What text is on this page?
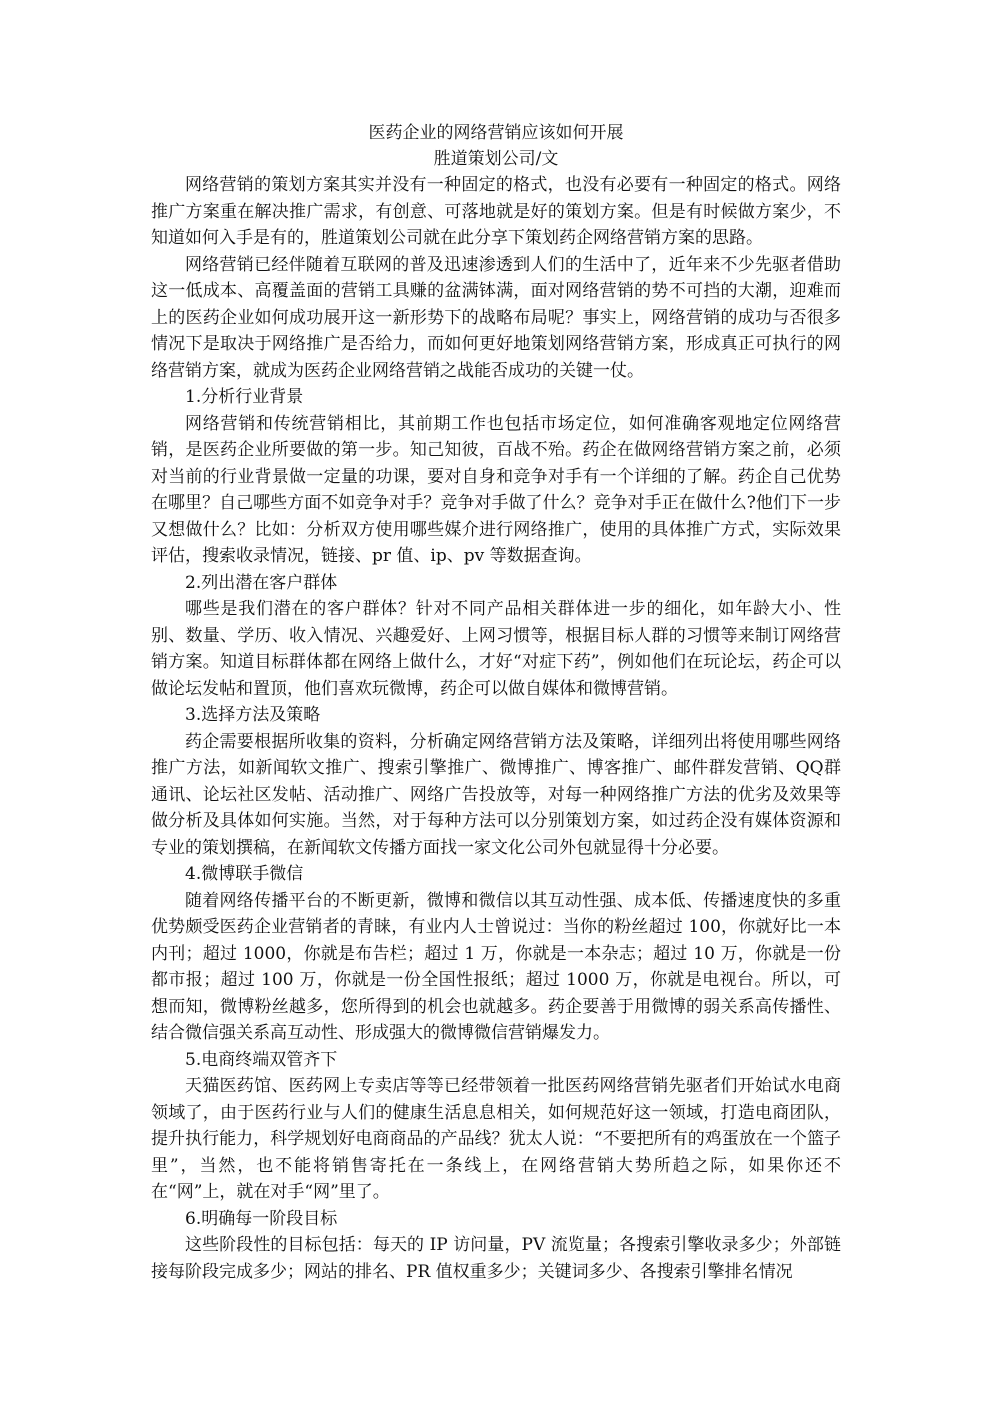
医药企业的网络营销应该如何开展

胜道策划公司/文

网络营销的策划方案其实并没有一种固定的格式，也没有必要有一种固定的格式。网络推广方案重在解决推广需求，有创意、可落地就是好的策划方案。但是有时候做方案少，不知道如何入手是有的，胜道策划公司就在此分享下策划药企网络营销方案的思路。

网络营销已经伴随着互联网的普及迅速渗透到人们的生活中了，近年来不少先驱者借助这一低成本、高覆盖面的营销工具赚的盆满钵满，面对网络营销的势不可挡的大潮，迎难而上的医药企业如何成功展开这一新形势下的战略布局呢？事实上，网络营销的成功与否很多情况下是取决于网络推广是否给力，而如何更好地策划网络营销方案，形成真正可执行的网络营销方案，就成为医药企业网络营销之战能否成功的关键一仗。

1.分析行业背景

网络营销和传统营销相比，其前期工作也包括市场定位，如何准确客观地定位网络营销，是医药企业所要做的第一步。知己知彼，百战不殆。药企在做网络营销方案之前，必须对当前的行业背景做一定量的功课，要对自身和竞争对手有一个详细的了解。药企自己优势在哪里？自己哪些方面不如竞争对手？竞争对手做了什么？竞争对手正在做什么?他们下一步又想做什么？比如：分析双方使用哪些媒介进行网络推广，使用的具体推广方式，实际效果评估，搜索收录情况，链接、pr 值、ip、pv 等数据查询。

2.列出潜在客户群体

哪些是我们潜在的客户群体？针对不同产品相关群体进一步的细化，如年龄大小、性别、数量、学历、收入情况、兴趣爱好、上网习惯等，根据目标人群的习惯等来制订网络营销方案。知道目标群体都在网络上做什么，才好“对症下药”，例如他们在玩论坛，药企可以做论坛发帖和置顶，他们喜欢玩微博，药企可以做自媒体和微博营销。

3.选择方法及策略

药企需要根据所收集的资料，分析确定网络营销方法及策略，详细列出将使用哪些网络推广方法，如新闻软文推广、搜索引擎推广、微博推广、博客推广、邮件群发营销、QQ群通讯、论坛社区发帖、活动推广、网络广告投放等，对每一种网络推广方法的优劣及效果等做分析及具体如何实施。当然，对于每种方法可以分别策划方案，如过药企没有媒体资源和专业的策划撰稿，在新闻软文传播方面找一家文化公司外包就显得十分必要。

4.微博联手微信

随着网络传播平台的不断更新，微博和微信以其互动性强、成本低、传播速度快的多重优势颇受医药企业营销者的青睐，有业内人士曾说过：当你的粉丝超过 100，你就好比一本内刊；超过 1000，你就是布告栏；超过 1 万，你就是一本杂志；超过 10 万，你就是一份都市报；超过 100 万，你就是一份全国性报纸；超过 1000 万，你就是电视台。所以，可想而知，微博粉丝越多，您所得到的机会也就越多。药企要善于用微博的弱关系高传播性、结合微信强关系高互动性、形成强大的微博微信营销爆发力。

5.电商终端双管齐下

天猫医药馆、医药网上专卖店等等已经带领着一批医药网络营销先驱者们开始试水电商领域了，由于医药行业与人们的健康生活息息相关，如何规范好这一领域，打造电商团队，提升执行能力，科学规划好电商商品的产品线？犹太人说：“不要把所有的鸡蛋放在一个篮子里”，当然，也不能将销售寄托在一条线上，在网络营销大势所趋之际，如果你还不在“网”上，就在对手“网”里了。

6.明确每一阶段目标

这些阶段性的目标包括：每天的 IP 访问量，PV 流览量；各搜索引擎收录多少；外部链接每阶段完成多少；网站的排名、PR 值权重多少；关键词多少、各搜索引擎排名情况
